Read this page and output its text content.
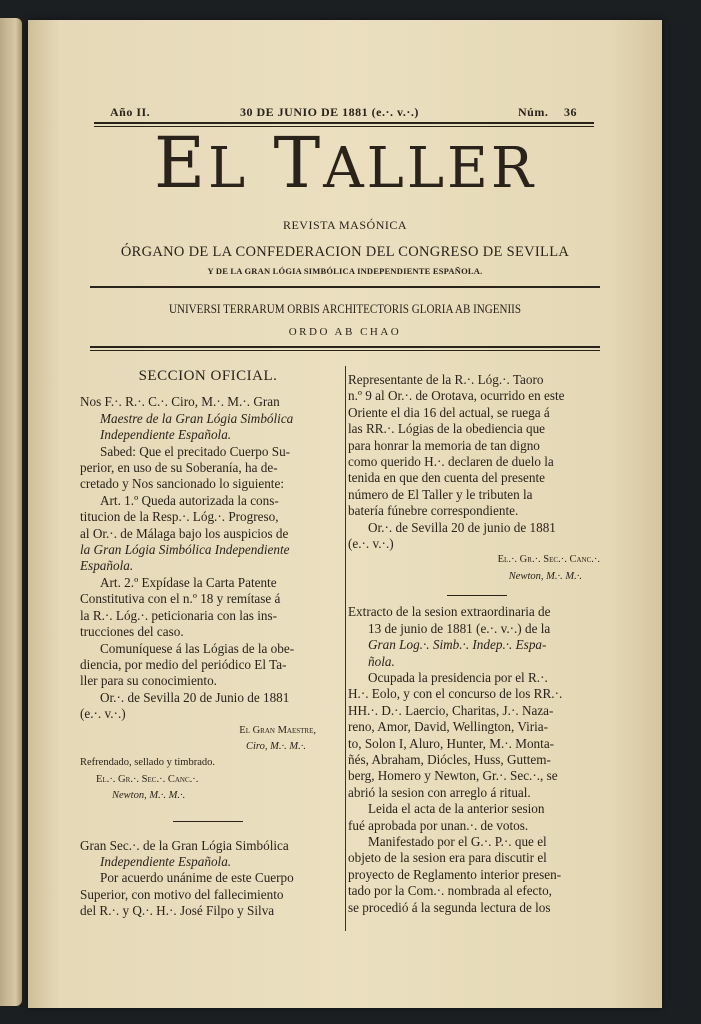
Año II.	30 DE JUNIO DE 1881 (e.·. v.·.)	Núm. 36
EL TALLER
REVISTA MASÓNICA
ÓRGANO DE LA CONFEDERACION DEL CONGRESO DE SEVILLA
Y DE LA GRAN LÓGIA SIMBÓLICA INDEPENDIENTE ESPAÑOLA.
UNIVERSI TERRARUM ORBIS ARCHITECTORIS GLORIA AB INGENIIS
ORDO AB CHAO

SECCION OFICIAL.

Nos F.·. R.·. C.·. Ciro, M.·. M.·. Gran

Maestre de la Gran Lógia Simbólica

Independiente Española.

Sabed: Que el precitado Cuerpo Su-

perior, en uso de su Soberanía, ha de-

cretado y Nos sancionado lo siguiente:

Art. 1.º Queda autorizada la cons-

titucion de la Resp.·. Lóg.·. Progreso,

al Or.·. de Málaga bajo los auspicios de

la Gran Lógia Simbólica Independiente

Española.

Art. 2.º Expídase la Carta Patente

Constitutiva con el n.º 18 y remítase á

la R.·. Lóg.·. peticionaria con las ins-

trucciones del caso.

Comuníquese á las Lógias de la obe-

diencia, por medio del periódico El Ta-

ller para su conocimiento.

Or.·. de Sevilla 20 de Junio de 1881

(e.·. v.·.)

El Gran Maestre,

Ciro, M.·. M.·.

Refrendado, sellado y timbrado.

El.·. Gr.·. Sec.·. Canc.·.

Newton, M.·. M.·.

Gran Sec.·. de la Gran Lógia Simbólica

Independiente Española.

Por acuerdo unánime de este Cuerpo

Superior, con motivo del fallecimiento

del R.·. y Q.·. H.·. José Filpo y Silva

Representante de la R.·. Lóg.·. Taoro

n.º 9 al Or.·. de Orotava, ocurrido en este

Oriente el dia 16 del actual, se ruega á

las RR.·. Lógias de la obediencia que

para honrar la memoria de tan digno

como querido H.·. declaren de duelo la

tenida en que den cuenta del presente

número de El Taller y le tributen la

batería fúnebre correspondiente.

Or.·. de Sevilla 20 de junio de 1881

(e.·. v.·.)

El.·. Gr.·. Sec.·. Canc.·.

Newton, M.·. M.·.

Extracto de la sesion extraordinaria de

13 de junio de 1881 (e.·. v.·.) de la

Gran Log.·. Simb.·. Indep.·. Espa-

ñola.

Ocupada la presidencia por el R.·.

H.·. Eolo, y con el concurso de los RR.·.

HH.·. D.·. Laercio, Charitas, J.·. Naza-

reno, Amor, David, Wellington, Viria-

to, Solon I, Aluro, Hunter, M.·. Monta-

ñés, Abraham, Diócles, Huss, Guttem-

berg, Homero y Newton, Gr.·. Sec.·., se

abrió la sesion con arreglo á ritual.

Leida el acta de la anterior sesion

fué aprobada por unan.·. de votos.

Manifestado por el G.·. P.·. que el

objeto de la sesion era para discutir el

proyecto de Reglamento interior presen-

tado por la Com.·. nombrada al efecto,

se procedió á la segunda lectura de los
